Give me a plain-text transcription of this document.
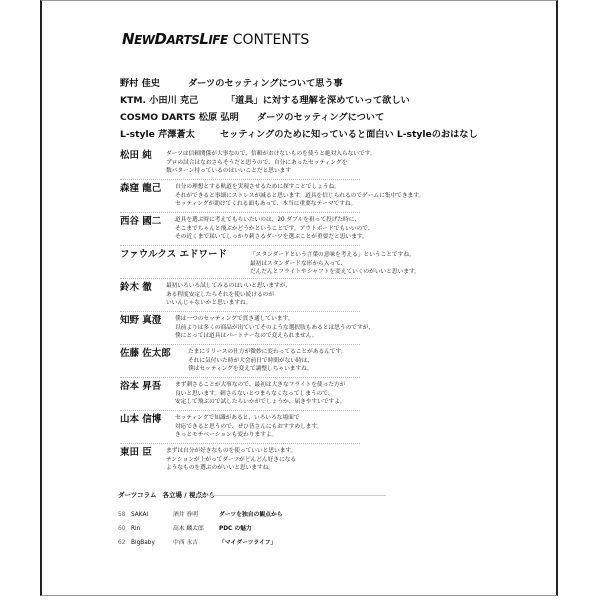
NEWDARTSLIFE CONTENTS
野村 佳史	ダーツのセッティングについて思う事
KTM. 小田川 克己	「道具」に対する理解を深めていって欲しい
COSMO DARTS 松原 弘明 ダーツのセッティングについて
L-style 芹澤蒼太	セッティングのために知っていると面白い L-styleのおはなし
松田 純 ダーツは信頼関係が大事なので、信頼がおけないものを使うと絶対入らないです。
プロの試合はなおさらそうだと思うので、自分にあったセッティングを
数パターン持っているのはいいことだと思います
森窪 龍己 自分の理想とする軌道を実現させるために探すことでしょうね。
それができると事細にストレスが減ると思います。道具を信じられるのでゲームに集中できます。
セッティングが助けてくれる面もあって、本当に重要なテーマですね。
西谷 國二 道具を選ぶ時に考えてもらいたいのは、20 ダブルを狙って投げた時に、
そこまでちゃんと飛ぶかどうかということです。アウトボードでもいいので、
その近くまで届いてしっかり刺さるダーツを選ぶことが重要だと思います。
ファウルクス エドワード	「スタンダードという言葉の意味を考える」ということですね。
最初はスタンダードな形から入って、
だんだんとフライトやシャフトを変えていくのがいいと思います。
鈴木 徹 最初いろいろ試してみるのはいいと思いますが、
ある程度安定したらそれを使い続けるのが
いいんじゃないかと思いますね。
知野 真澄 僕は一つのセッティングで貫き通しています。
以前よりは多くの商品が出ていてそのような選択肢もあるとは思うのですが、
僕にとっては道具はパートナーなので変えられません。
佐藤 佐太郎	たまにリリースの仕方が微妙に変わってることがあるんです。
それに気付いた時が大会前日で時間がない時は、
僕はセッティングを変えて調整しちゃいますね。
浴本 昇吾 まず刺さることが大事なので、最初は大きなフライトを使った方が
良いと思います。刺さらないとつまらなくなってしまうので、
安定して飛ぶので試したらいかがでしょうか、届きやすいですよ。
山本 信博 セッティングで知識があると、いろいろな場面で
対応できると思うので、ぜひ皆さんにもおすすめします。
きっとモチベーションも変わりますよ。
東田 臣 まずは自分が好きなものを使っていいと思います。
テンションが上がってダーツがどんどん好きになる
ようなものを選ぶのがいいと思いますね。
ダーツコラム 各立場 / 視点から
58 SAKAI	酒井 眷明	ダーツを独自の観点から
60 Rin	高木 麟太郎	PDC の魅力
62 BigBaby	中西 永吉	「マイダーツライフ」
